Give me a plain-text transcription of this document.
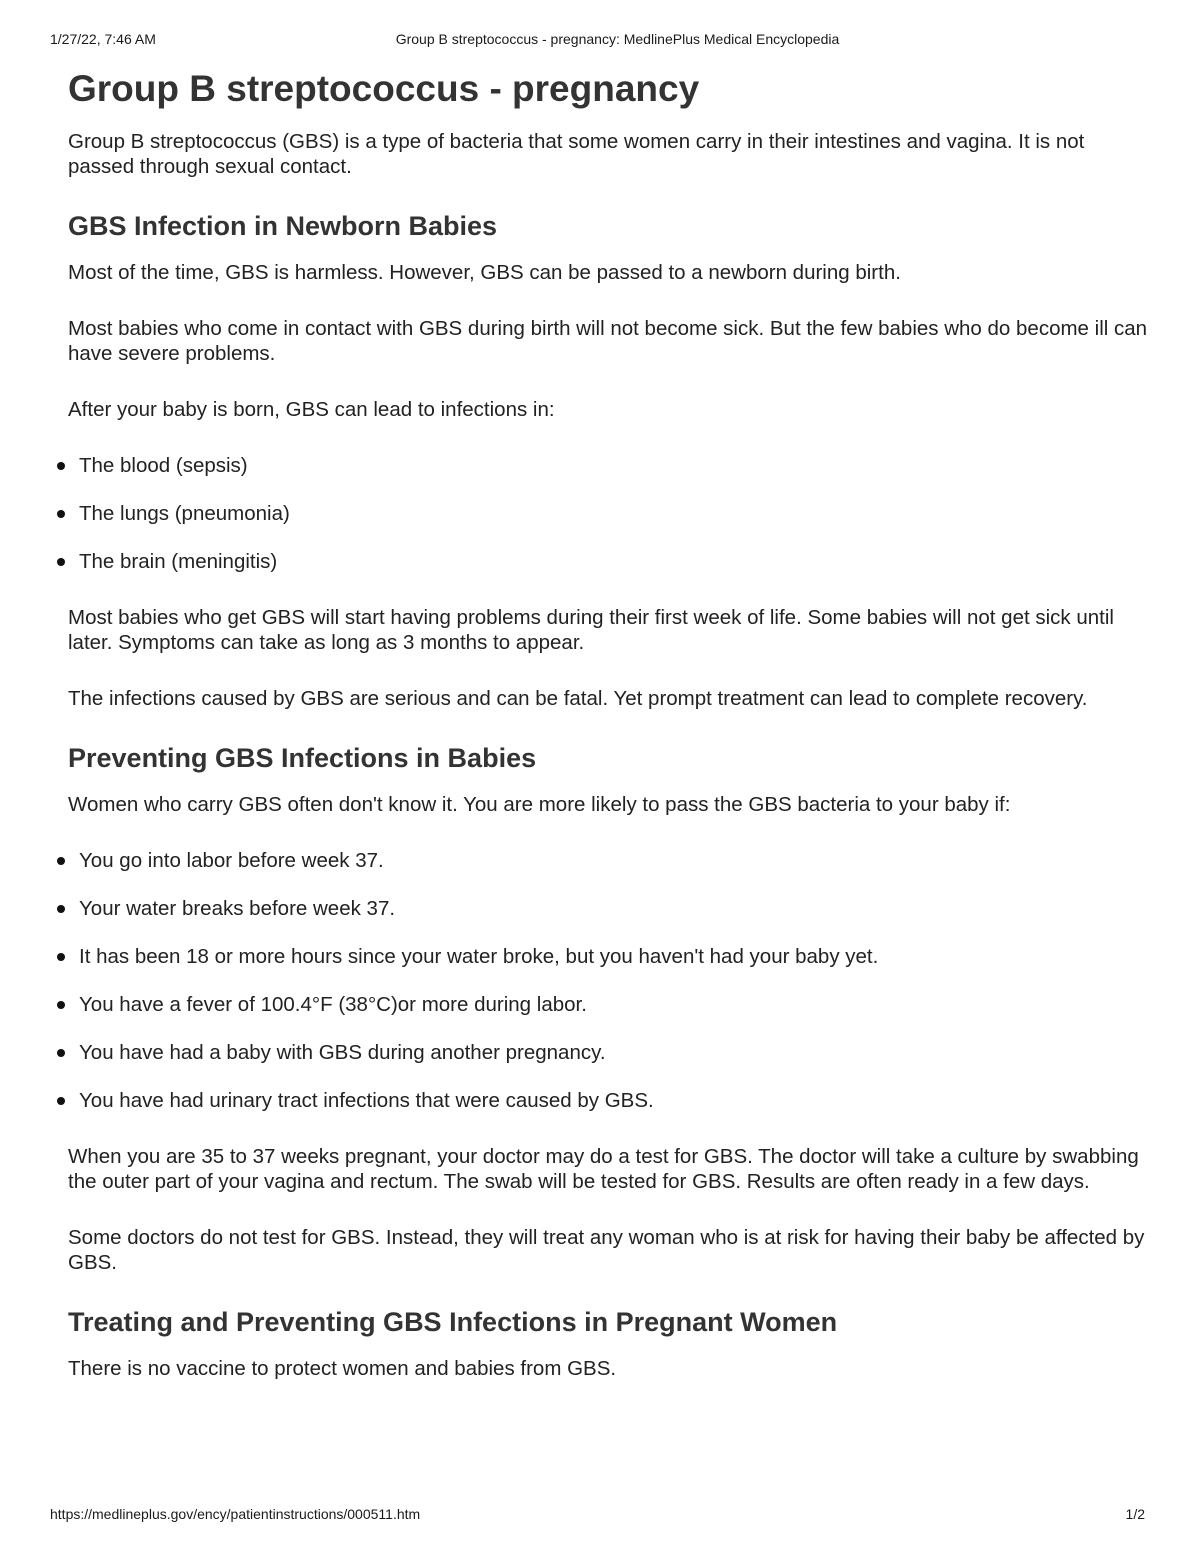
1/27/22, 7:46 AM	Group B streptococcus - pregnancy: MedlinePlus Medical Encyclopedia
Group B streptococcus - pregnancy

Group B streptococcus (GBS) is a type of bacteria that some women carry in their intestines and vagina. It is not passed through sexual contact.

GBS Infection in Newborn Babies

Most of the time, GBS is harmless. However, GBS can be passed to a newborn during birth.

Most babies who come in contact with GBS during birth will not become sick. But the few babies who do become ill can have severe problems.

After your baby is born, GBS can lead to infections in:

The blood (sepsis)
The lungs (pneumonia)
The brain (meningitis)

Most babies who get GBS will start having problems during their first week of life. Some babies will not get sick until later. Symptoms can take as long as 3 months to appear.

The infections caused by GBS are serious and can be fatal. Yet prompt treatment can lead to complete recovery.

Preventing GBS Infections in Babies

Women who carry GBS often don't know it. You are more likely to pass the GBS bacteria to your baby if:

You go into labor before week 37.
Your water breaks before week 37.
It has been 18 or more hours since your water broke, but you haven't had your baby yet.
You have a fever of 100.4°F (38°C)or more during labor.
You have had a baby with GBS during another pregnancy.
You have had urinary tract infections that were caused by GBS.

When you are 35 to 37 weeks pregnant, your doctor may do a test for GBS. The doctor will take a culture by swabbing the outer part of your vagina and rectum. The swab will be tested for GBS. Results are often ready in a few days.

Some doctors do not test for GBS. Instead, they will treat any woman who is at risk for having their baby be affected by GBS.

Treating and Preventing GBS Infections in Pregnant Women

There is no vaccine to protect women and babies from GBS.

https://medlineplus.gov/ency/patientinstructions/000511.htm	1/2
